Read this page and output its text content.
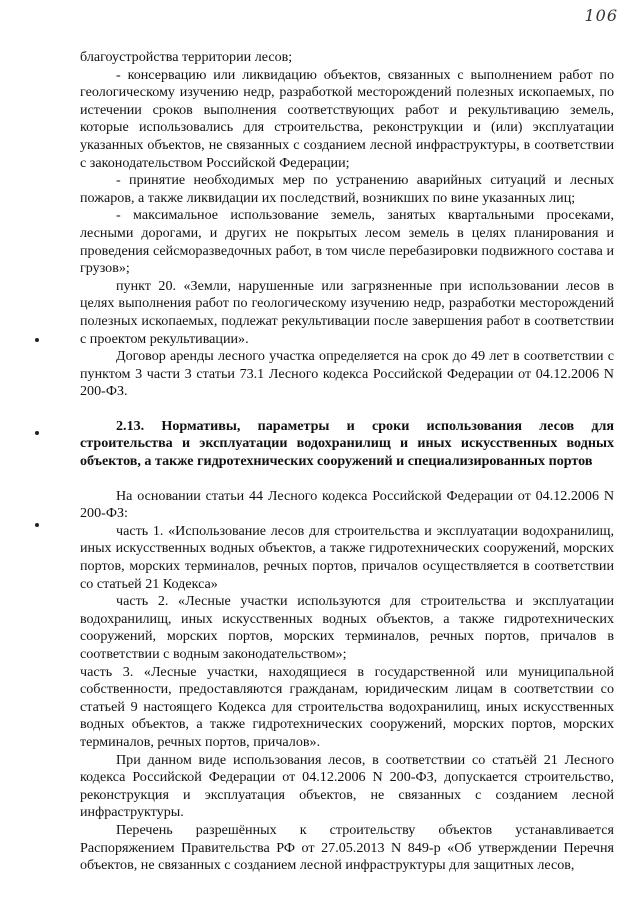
106

благоустройства территории лесов;

- консервацию или ликвидацию объектов, связанных с выполнением работ по геологическому изучению недр, разработкой месторождений полезных ископаемых, по истечении сроков выполнения соответствующих работ и рекультивацию земель, которые использовались для строительства, реконструкции и (или) эксплуатации указанных объектов, не связанных с созданием лесной инфраструктуры, в соответствии с законодательством Российской Федерации;

- принятие необходимых мер по устранению аварийных ситуаций и лесных пожаров, а также ликвидации их последствий, возникших по вине указанных лиц;

- максимальное использование земель, занятых квартальными просеками, лесными дорогами, и других не покрытых лесом земель в целях планирования и проведения сейсморазведочных работ, в том числе перебазировки подвижного состава и грузов»;

пункт 20. «Земли, нарушенные или загрязненные при использовании лесов в целях выполнения работ по геологическому изучению недр, разработки месторождений полезных ископаемых, подлежат рекультивации после завершения работ в соответствии с проектом рекультивации».

Договор аренды лесного участка определяется на срок до 49 лет в соответствии с пунктом 3 части 3 статьи 73.1 Лесного кодекса Российской Федерации от 04.12.2006 N 200-ФЗ.

2.13. Нормативы, параметры и сроки использования лесов для строительства и эксплуатации водохранилищ и иных искусственных водных объектов, а также гидротехнических сооружений и специализированных портов

На основании статьи 44 Лесного кодекса Российской Федерации от 04.12.2006 N 200-ФЗ:

часть 1. «Использование лесов для строительства и эксплуатации водохранилищ, иных искусственных водных объектов, а также гидротехнических сооружений, морских портов, морских терминалов, речных портов, причалов осуществляется в соответствии со статьей 21 Кодекса»

часть 2. «Лесные участки используются для строительства и эксплуатации водохранилищ, иных искусственных водных объектов, а также гидротехнических сооружений, морских портов, морских терминалов, речных портов, причалов в соответствии с водным законодательством»;

часть 3. «Лесные участки, находящиеся в государственной или муниципальной собственности, предоставляются гражданам, юридическим лицам в соответствии со статьей 9 настоящего Кодекса для строительства водохранилищ, иных искусственных водных объектов, а также гидротехнических сооружений, морских портов, морских терминалов, речных портов, причалов».

При данном виде использования лесов, в соответствии со статьёй 21 Лесного кодекса Российской Федерации от 04.12.2006 N 200-ФЗ, допускается строительство, реконструкция и эксплуатация объектов, не связанных с созданием лесной инфраструктуры.

Перечень разрешённых к строительству объектов устанавливается Распоряжением Правительства РФ от 27.05.2013 N 849-р «Об утверждении Перечня объектов, не связанных с созданием лесной инфраструктуры для защитных лесов,
